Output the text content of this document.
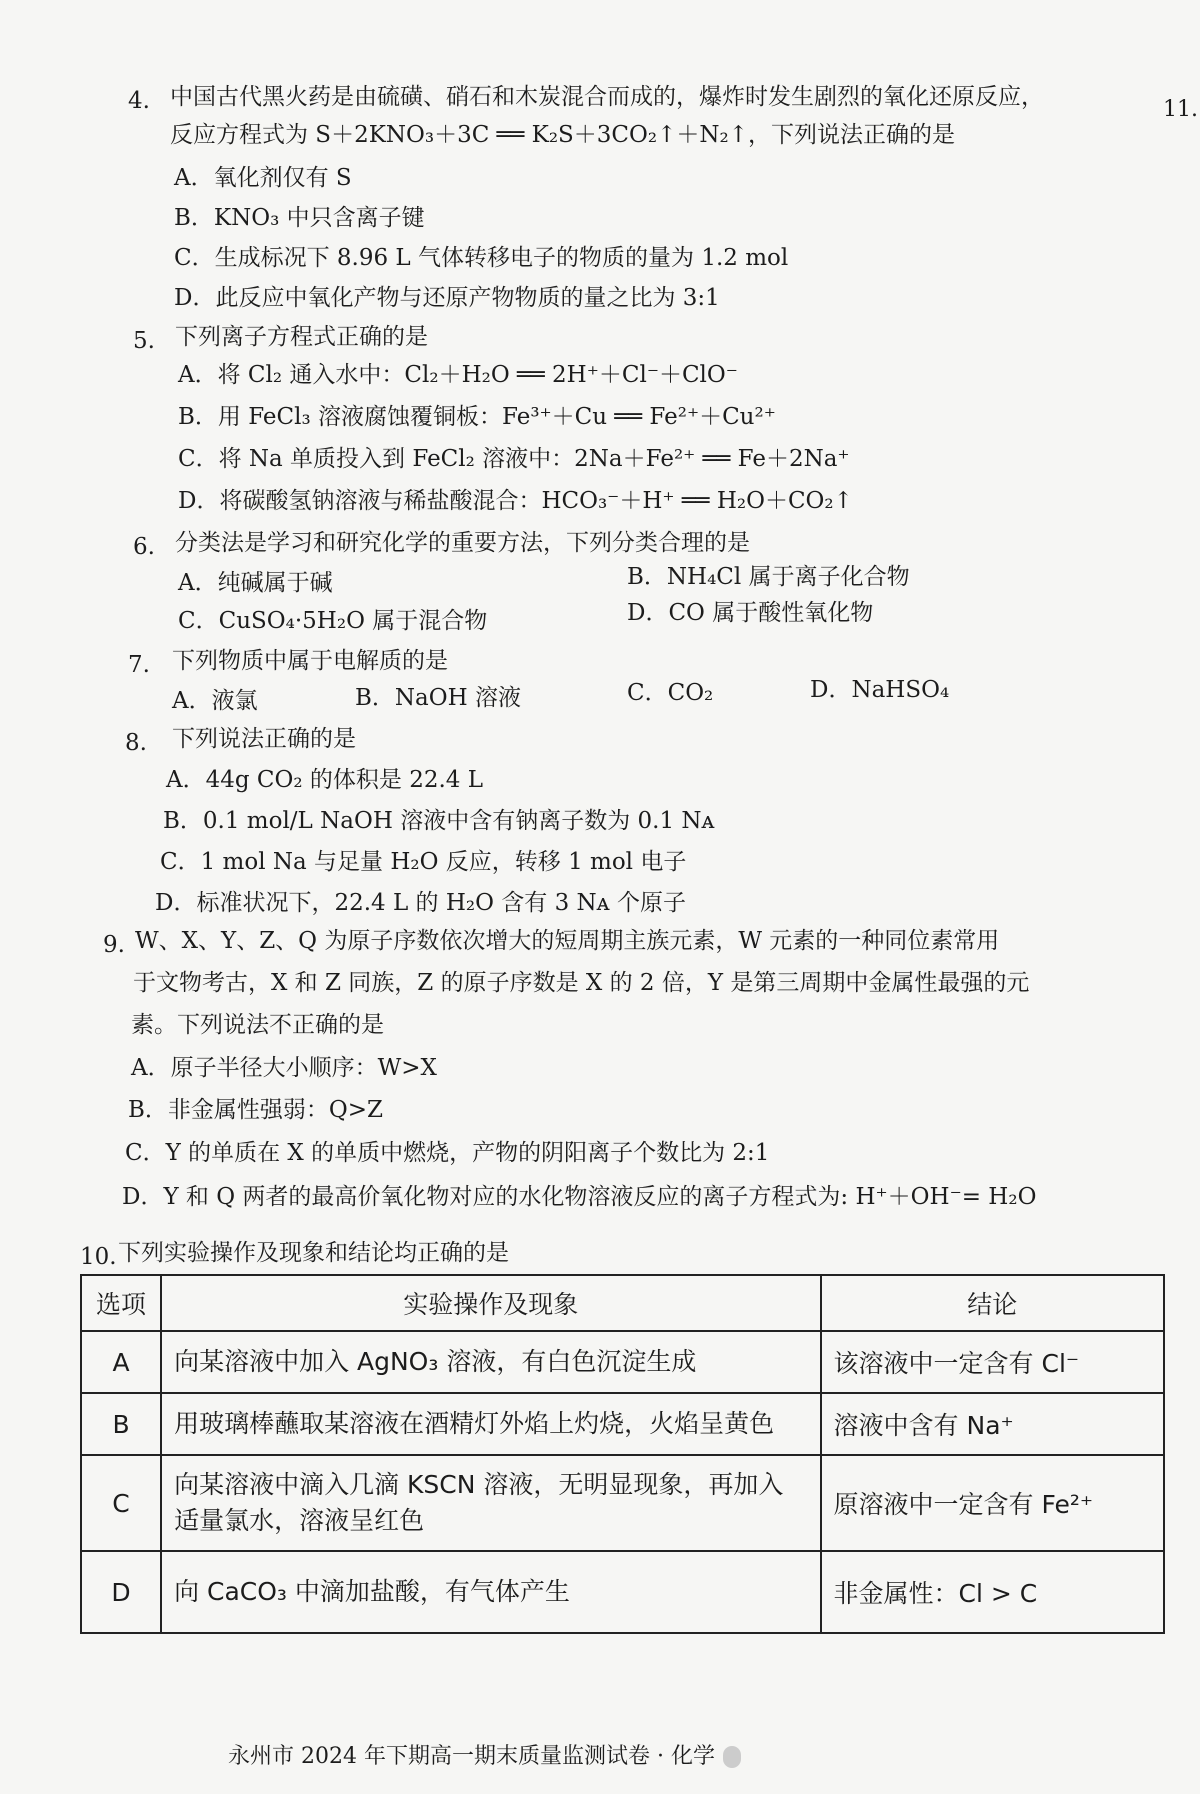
11.
4. 中国古代黑火药是由硫磺、硝石和木炭混合而成的，爆炸时发生剧烈的氧化还原反应，
反应方程式为 S＋2KNO₃＋3C ══ K₂S＋3CO₂↑＋N₂↑，下列说法正确的是
A．氧化剂仅有 S
B．KNO₃ 中只含离子键
C．生成标况下 8.96 L 气体转移电子的物质的量为 1.2 mol
D．此反应中氧化产物与还原产物物质的量之比为 3:1
5. 下列离子方程式正确的是
A．将 Cl₂ 通入水中：Cl₂＋H₂O ══ 2H⁺＋Cl⁻＋ClO⁻
B．用 FeCl₃ 溶液腐蚀覆铜板：Fe³⁺＋Cu ══ Fe²⁺＋Cu²⁺
C．将 Na 单质投入到 FeCl₂ 溶液中：2Na＋Fe²⁺ ══ Fe＋2Na⁺
D．将碳酸氢钠溶液与稀盐酸混合：HCO₃⁻＋H⁺ ══ H₂O＋CO₂↑
6. 分类法是学习和研究化学的重要方法，下列分类合理的是
A．纯碱属于碱	B．NH₄Cl 属于离子化合物
C．CuSO₄·5H₂O 属于混合物	D．CO 属于酸性氧化物
7. 下列物质中属于电解质的是
A．液氯	B．NaOH 溶液	C．CO₂	D．NaHSO₄
8. 下列说法正确的是
A．44g CO₂ 的体积是 22.4 L
B．0.1 mol/L NaOH 溶液中含有钠离子数为 0.1 Nᴀ
C．1 mol Na 与足量 H₂O 反应，转移 1 mol 电子
D．标准状况下，22.4 L 的 H₂O 含有 3 Nᴀ 个原子
9. W、X、Y、Z、Q 为原子序数依次增大的短周期主族元素，W 元素的一种同位素常用
于文物考古，X 和 Z 同族，Z 的原子序数是 X 的 2 倍，Y 是第三周期中金属性最强的元
素。下列说法不正确的是
A．原子半径大小顺序：W>X
B．非金属性强弱：Q>Z
C．Y 的单质在 X 的单质中燃烧，产物的阴阳离子个数比为 2:1
D．Y 和 Q 两者的最高价氧化物对应的水化物溶液反应的离子方程式为: H⁺＋OH⁻= H₂O
10. 下列实验操作及现象和结论均正确的是
选项	实验操作及现象	结论
A	向某溶液中加入 AgNO₃ 溶液，有白色沉淀生成	该溶液中一定含有 Cl⁻
B	用玻璃棒蘸取某溶液在酒精灯外焰上灼烧，火焰呈黄色	溶液中含有 Na⁺
C	向某溶液中滴入几滴 KSCN 溶液，无明显现象，再加入适量氯水，溶液呈红色	原溶液中一定含有 Fe²⁺
D	向 CaCO₃ 中滴加盐酸，有气体产生	非金属性：Cl > C
永州市 2024 年下期高一期末质量监测试卷 · 化学
